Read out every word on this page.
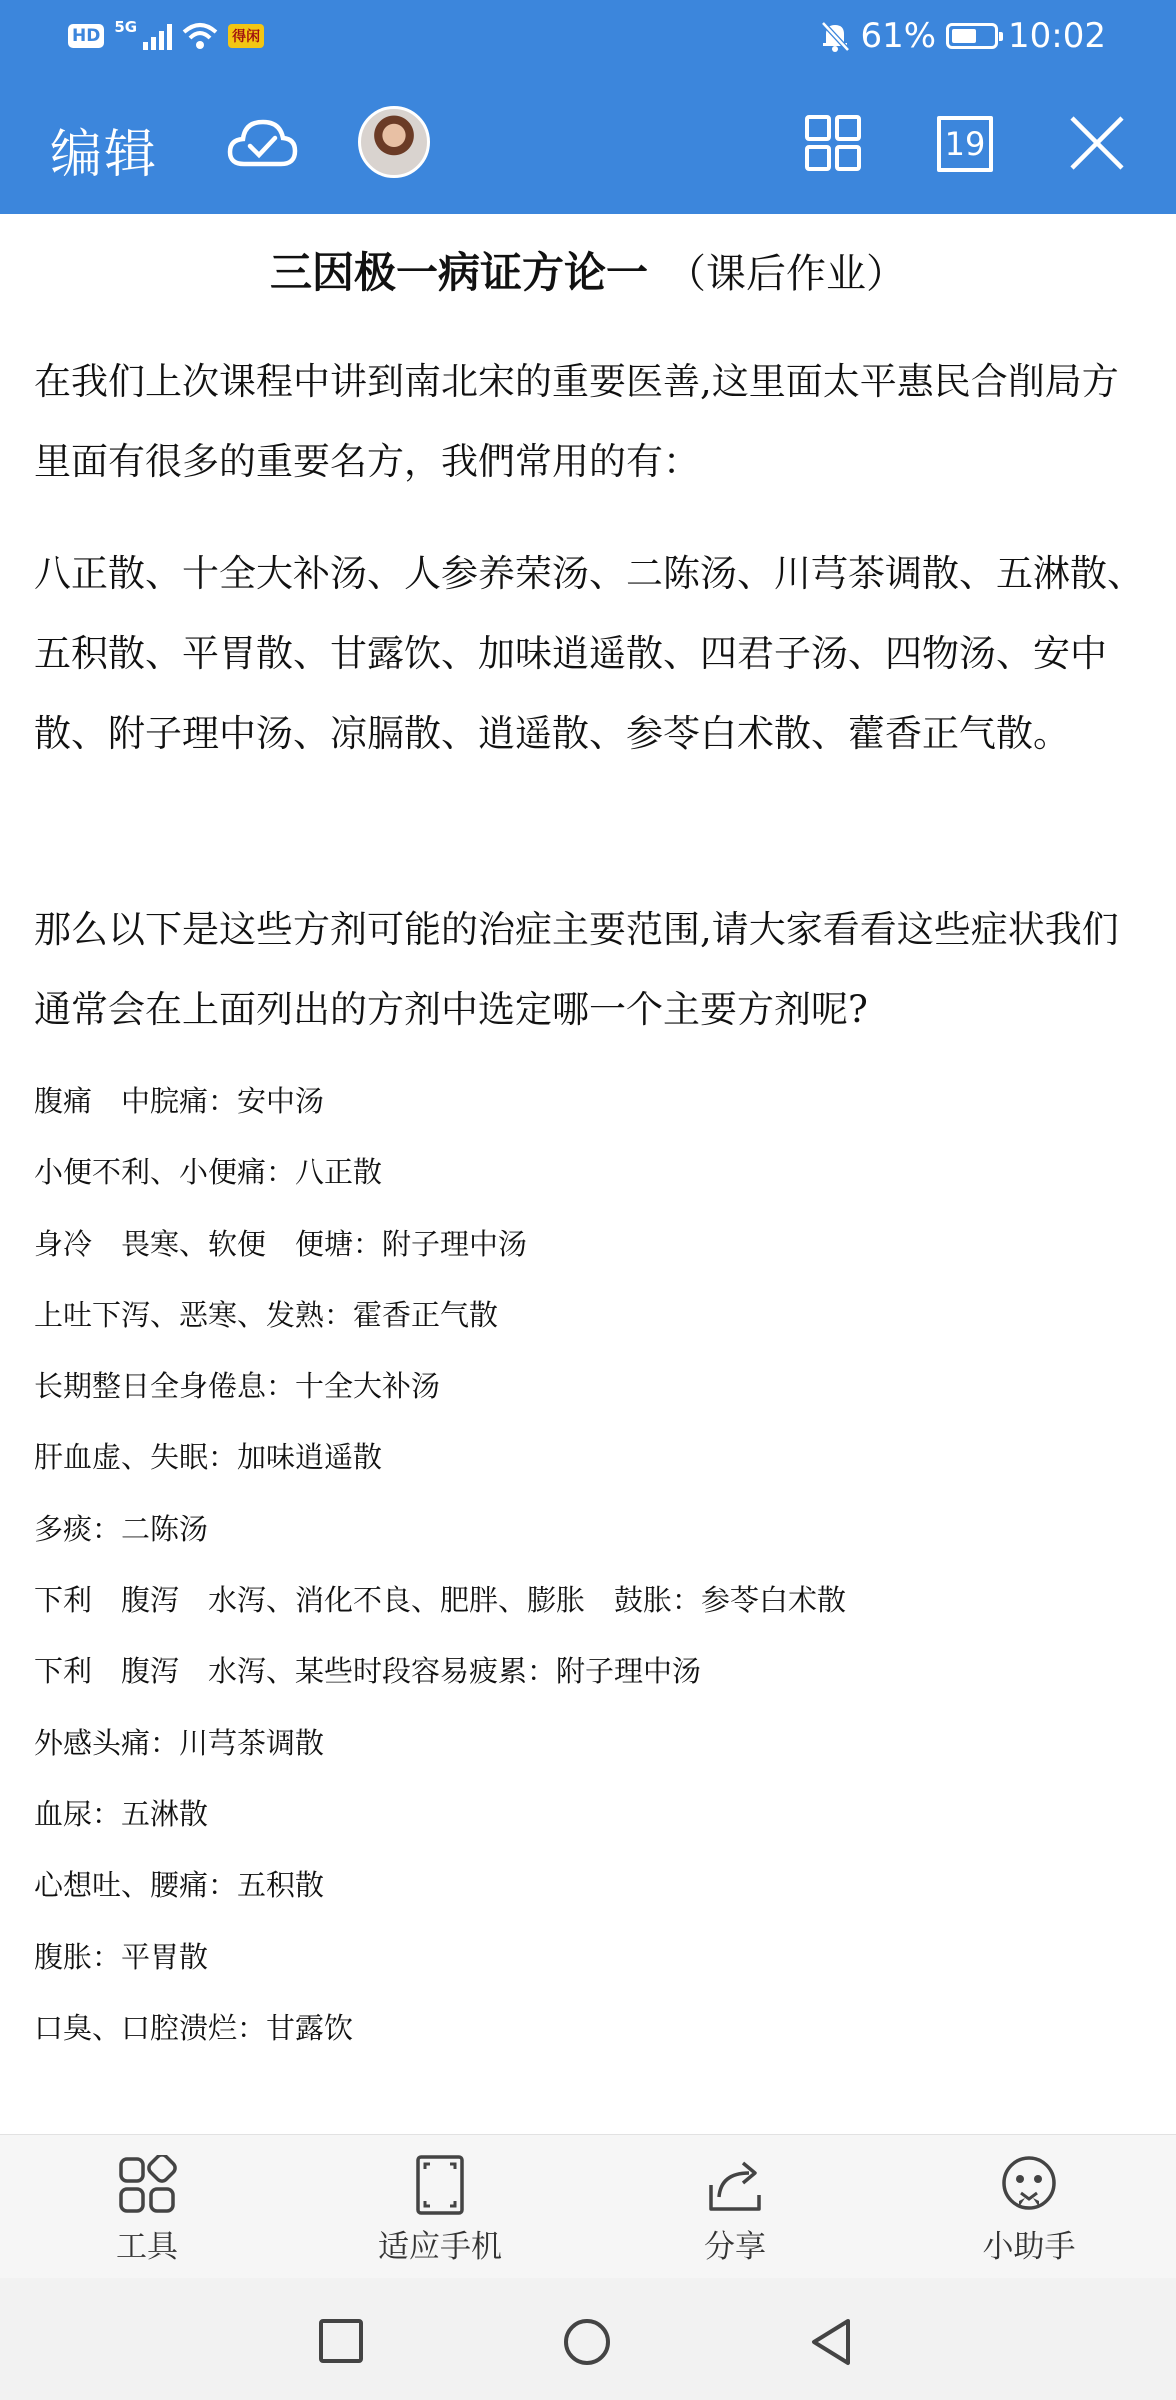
HD 5G
得闲	61% 10:02
编辑	19
三因极一病证方论一 （课后作业）
在我们上次课程中讲到南北宋的重要医善,这里面太平惠民合削局方里面有很多的重要名方，我們常用的有：
八正散、十全大补汤、人参养荣汤、二陈汤、川芎茶调散、五淋散、五积散、平胃散、甘露饮、加味逍遥散、四君子汤、四物汤、安中散、附子理中汤、凉膈散、逍遥散、参苓白术散、藿香正气散。
那么以下是这些方剂可能的治症主要范围,请大家看看这些症状我们通常会在上面列出的方剂中选定哪一个主要方剂呢?
腹痛　中脘痛：安中汤
小便不利、小便痛：八正散
身冷　畏寒、软便　便塘：附子理中汤
上吐下泻、恶寒、发熟：霍香正气散
长期整日全身倦息：十全大补汤
肝血虚、失眠：加味逍遥散
多痰：二陈汤
下利　腹泻　水泻、消化不良、肥胖、膨胀　鼓胀：参苓白术散
下利　腹泻　水泻、某些时段容易疲累：附子理中汤
外感头痛：川芎茶调散
血尿：五淋散
心想吐、腰痛：五积散
腹胀：平胃散
口臭、口腔溃烂：甘露饮
工具	适应手机	分享	小助手
